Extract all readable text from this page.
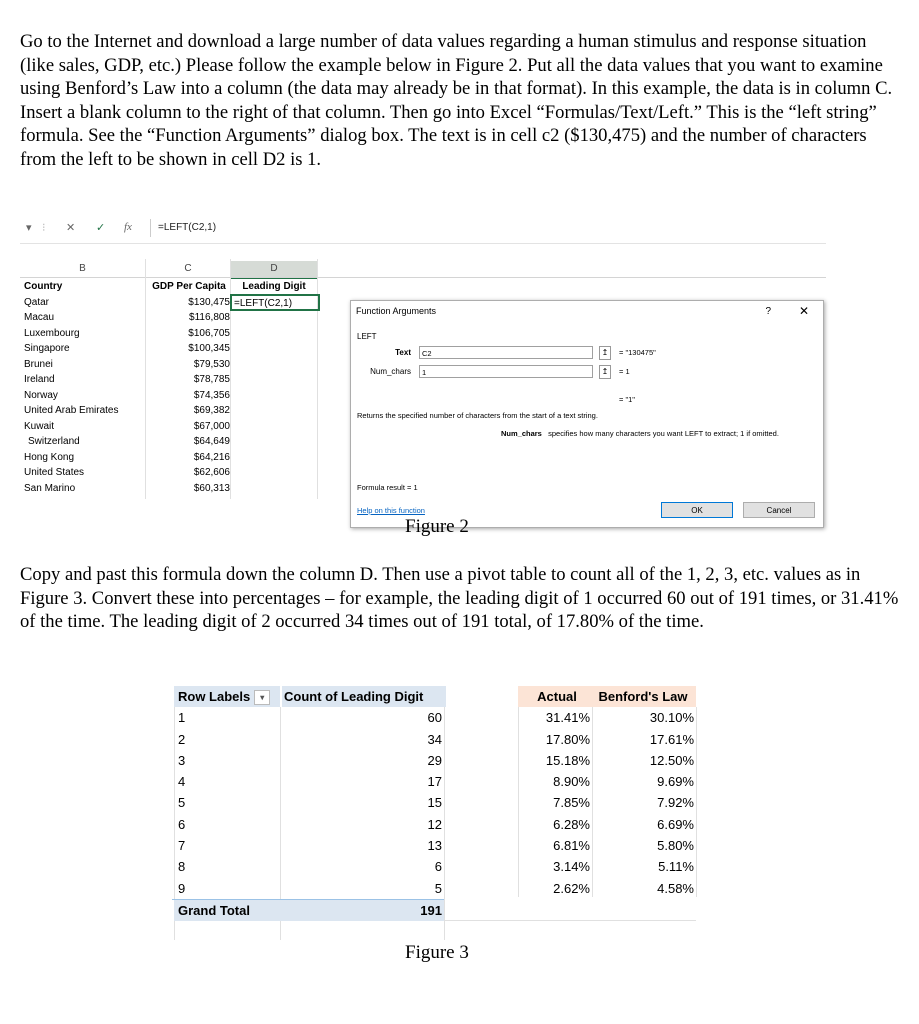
Go to the Internet and download a large number of data values regarding a human stimulus and response situation (like sales, GDP, etc.) Please follow the example below in Figure 2. Put all the data values that you want to examine using Benford’s Law into a column (the data may already be in that format). In this example, the data is in column C. Insert a blank column to the right of that column. Then go into Excel “Formulas/Text/Left.” This is the “left string” formula. See the “Function Arguments” dialog box. The text is in cell c2 ($130,475) and the number of characters from the left to be shown in cell D2 is 1.

▾ ⁝ ✕ ✓ fx	=LEFT(C2,1)
B	C	D
Country	GDP Per Capita	Leading Digit
Qatar	$130,475 =LEFT(C2,1)
Macau	$116,808
Luxembourg	$106,705
Singapore	$100,345
Brunei	$79,530
Ireland	$78,785
Norway	$74,356
United Arab Emirates	$69,382
Kuwait	$67,000
Switzerland	$64,649
Hong Kong	$64,216
United States	$62,606
San Marino	$60,313
Function Arguments	? ✕
LEFT
Text	C2	↥	= "130475"
Num_chars	1	↥	= 1
= "1"
Returns the specified number of characters from the start of a text string.
Num_chars specifies how many characters you want LEFT to extract; 1 if omitted.
Formula result = 1
Help on this function	OK	Cancel
Figure 2

Copy and past this formula down the column D. Then use a pivot table to count all of the 1, 2, 3, etc. values as in Figure 3. Convert these into percentages – for example, the leading digit of 1 occurred 60 out of 191 times, or 31.41% of the time. The leading digit of 2 occurred 34 times out of 191 total, of 17.80% of the time.

Row Labels ▾	Count of Leading Digit	Actual	Benford's Law
1	60	31.41%	30.10%
2	34	17.80%	17.61%
3	29	15.18%	12.50%
4	17	8.90%	9.69%
5	15	7.85%	7.92%
6	12	6.28%	6.69%
7	13	6.81%	5.80%
8	6	3.14%	5.11%
9	5	2.62%	4.58%
Grand Total	191
Figure 3
